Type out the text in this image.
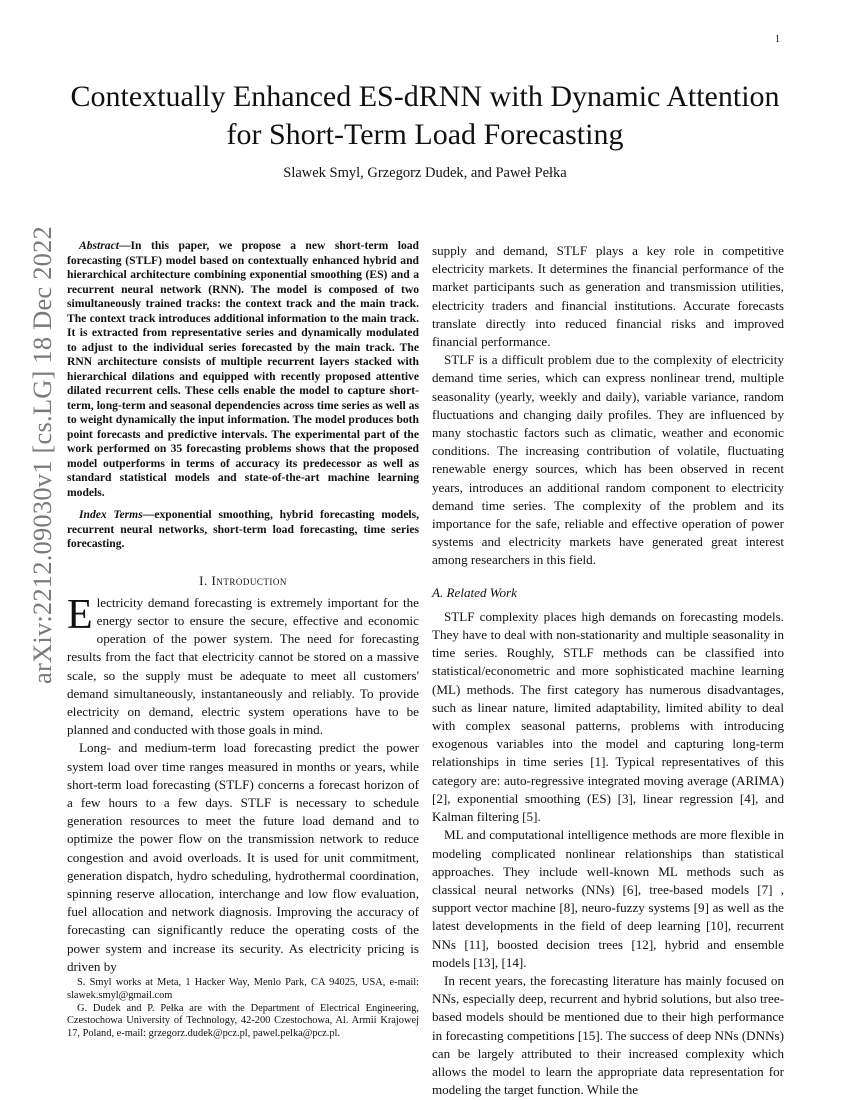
1
arXiv:2212.09030v1 [cs.LG] 18 Dec 2022
Contextually Enhanced ES-dRNN with Dynamic Attention for Short-Term Load Forecasting
Slawek Smyl, Grzegorz Dudek, and Paweł Pełka

Abstract—In this paper, we propose a new short-term load forecasting (STLF) model based on contextually enhanced hybrid and hierarchical architecture combining exponential smoothing (ES) and a recurrent neural network (RNN). The model is composed of two simultaneously trained tracks: the context track and the main track. The context track introduces additional information to the main track. It is extracted from representative series and dynamically modulated to adjust to the individual series forecasted by the main track. The RNN architecture consists of multiple recurrent layers stacked with hierarchical dilations and equipped with recently proposed attentive dilated recurrent cells. These cells enable the model to capture short-term, long-term and seasonal dependencies across time series as well as to weight dynamically the input information. The model produces both point forecasts and predictive intervals. The experimental part of the work performed on 35 forecasting problems shows that the proposed model outperforms in terms of accuracy its predecessor as well as standard statistical models and state-of-the-art machine learning models.

Index Terms—exponential smoothing, hybrid forecasting models, recurrent neural networks, short-term load forecasting, time series forecasting.

I. Introduction

Electricity demand forecasting is extremely important for the energy sector to ensure the secure, effective and economic operation of the power system. The need for forecasting results from the fact that electricity cannot be stored on a massive scale, so the supply must be adequate to meet all customers' demand simultaneously, instantaneously and reliably. To provide electricity on demand, electric system operations have to be planned and conducted with those goals in mind.

Long- and medium-term load forecasting predict the power system load over time ranges measured in months or years, while short-term load forecasting (STLF) concerns a forecast horizon of a few hours to a few days. STLF is necessary to schedule generation resources to meet the future load demand and to optimize the power flow on the transmission network to reduce congestion and avoid overloads. It is used for unit commitment, generation dispatch, hydro scheduling, hydrothermal coordination, spinning reserve allocation, interchange and low flow evaluation, fuel allocation and network diagnosis. Improving the accuracy of forecasting can significantly reduce the operating costs of the power system and increase its security. As electricity pricing is driven by

S. Smyl works at Meta, 1 Hacker Way, Menlo Park, CA 94025, USA, e-mail: slawek.smyl@gmail.com

G. Dudek and P. Pełka are with the Department of Electrical Engineering, Czestochowa University of Technology, 42-200 Czestochowa, Al. Armii Krajowej 17, Poland, e-mail: grzegorz.dudek@pcz.pl, pawel.pelka@pcz.pl.

supply and demand, STLF plays a key role in competitive electricity markets. It determines the financial performance of the market participants such as generation and transmission utilities, electricity traders and financial institutions. Accurate forecasts translate directly into reduced financial risks and improved financial performance.

STLF is a difficult problem due to the complexity of electricity demand time series, which can express nonlinear trend, multiple seasonality (yearly, weekly and daily), variable variance, random fluctuations and changing daily profiles. They are influenced by many stochastic factors such as climatic, weather and economic conditions. The increasing contribution of volatile, fluctuating renewable energy sources, which has been observed in recent years, introduces an additional random component to electricity demand time series. The complexity of the problem and its importance for the safe, reliable and effective operation of power systems and electricity markets have generated great interest among researchers in this field.

A. Related Work

STLF complexity places high demands on forecasting models. They have to deal with non-stationarity and multiple seasonality in time series. Roughly, STLF methods can be classified into statistical/econometric and more sophisticated machine learning (ML) methods. The first category has numerous disadvantages, such as linear nature, limited adaptability, limited ability to deal with complex seasonal patterns, problems with introducing exogenous variables into the model and capturing long-term relationships in time series [1]. Typical representatives of this category are: auto-regressive integrated moving average (ARIMA) [2], exponential smoothing (ES) [3], linear regression [4], and Kalman filtering [5].

ML and computational intelligence methods are more flexible in modeling complicated nonlinear relationships than statistical approaches. They include well-known ML methods such as classical neural networks (NNs) [6], tree-based models [7] , support vector machine [8], neuro-fuzzy systems [9] as well as the latest developments in the field of deep learning [10], recurrent NNs [11], boosted decision trees [12], hybrid and ensemble models [13], [14].

In recent years, the forecasting literature has mainly focused on NNs, especially deep, recurrent and hybrid solutions, but also tree-based models should be mentioned due to their high performance in forecasting competitions [15]. The success of deep NNs (DNNs) can be largely attributed to their increased complexity which allows the model to learn the appropriate data representation for modeling the target function. While the
